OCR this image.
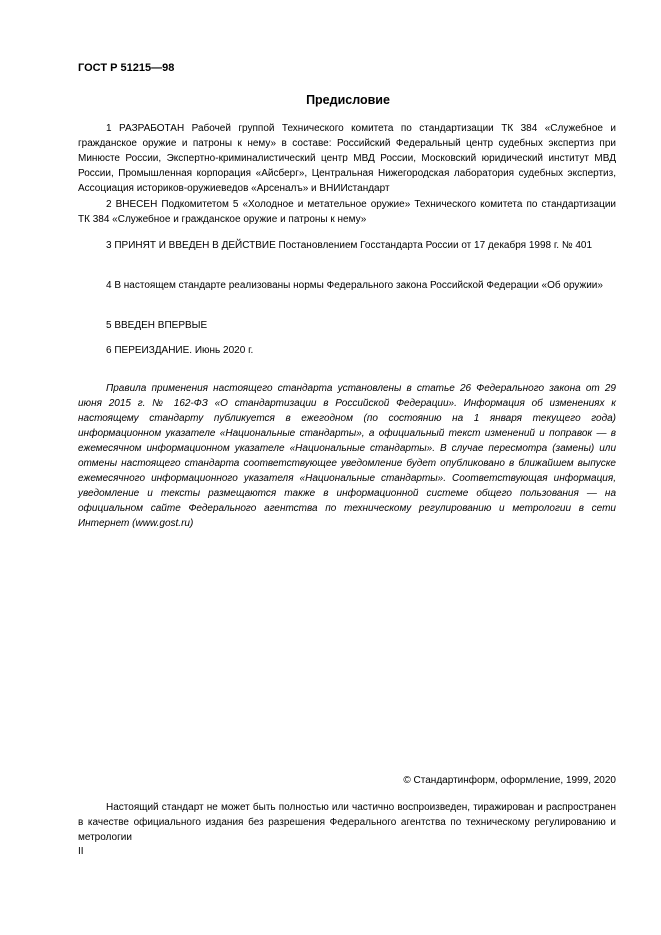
ГОСТ Р 51215—98
Предисловие

1 РАЗРАБОТАН Рабочей группой Технического комитета по стандартизации ТК 384 «Служебное и гражданское оружие и патроны к нему» в составе: Российский Федеральный центр судебных экспертиз при Минюсте России, Экспертно-криминалистический центр МВД России, Московский юридический институт МВД России, Промышленная корпорация «Айсберг», Центральная Нижегородская лаборатория судебных экспертиз, Ассоциация историков-оружиеведов «Арсеналъ» и ВНИИстандарт

2 ВНЕСЕН Подкомитетом 5 «Холодное и метательное оружие» Технического комитета по стандартизации ТК 384 «Служебное и гражданское оружие и патроны к нему»

3 ПРИНЯТ И ВВЕДЕН В ДЕЙСТВИЕ Постановлением Госстандарта России от 17 декабря 1998 г. № 401

4 В настоящем стандарте реализованы нормы Федерального закона Российской Федерации «Об оружии»

5 ВВЕДЕН ВПЕРВЫЕ

6 ПЕРЕИЗДАНИЕ. Июнь 2020 г.

Правила применения настоящего стандарта установлены в статье 26 Федерального закона от 29 июня 2015 г. № 162-ФЗ «О стандартизации в Российской Федерации». Информация об изменениях к настоящему стандарту публикуется в ежегодном (по состоянию на 1 января текущего года) информационном указателе «Национальные стандарты», а официальный текст изменений и поправок — в ежемесячном информационном указателе «Национальные стандарты». В случае пересмотра (замены) или отмены настоящего стандарта соответствующее уведомление будет опубликовано в ближайшем выпуске ежемесячного информационного указателя «Национальные стандарты». Соответствующая информация, уведомление и тексты размещаются также в информационной системе общего пользования — на официальном сайте Федерального агентства по техническому регулированию и метрологии в сети Интернет (www.gost.ru)

© Стандартинформ, оформление, 1999, 2020

Настоящий стандарт не может быть полностью или частично воспроизведен, тиражирован и распространен в качестве официального издания без разрешения Федерального агентства по техническому регулированию и метрологии

II
